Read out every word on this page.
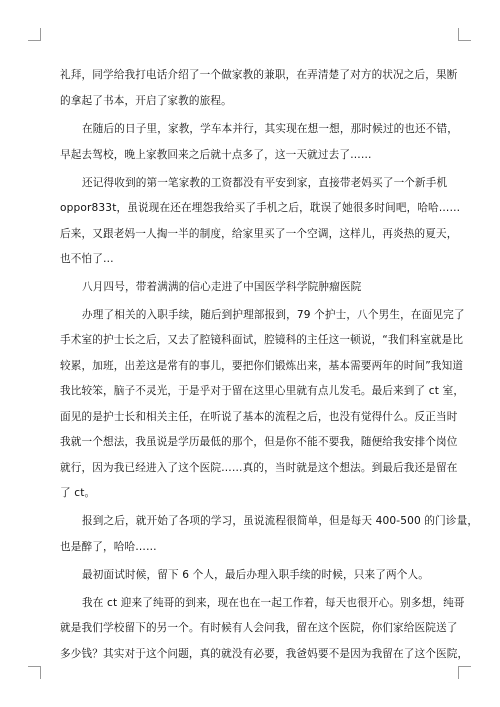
礼拜，同学给我打电话介绍了一个做家教的兼职，在弄清楚了对方的状况之后，果断
的拿起了书本，开启了家教的旅程。
在随后的日子里，家教，学车本并行，其实现在想一想，那时候过的也还不错，
早起去驾校，晚上家教回来之后就十点多了，这一天就过去了……
还记得收到的第一笔家教的工资都没有平安到家，直接带老妈买了一个新手机
oppor833t，虽说现在还在埋怨我给买了手机之后，耽误了她很多时间吧，哈哈……
后来，又跟老妈一人掏一半的制度，给家里买了一个空调，这样儿，再炎热的夏天，
也不怕了…
八月四号，带着满满的信心走进了中国医学科学院肿瘤医院
办理了相关的入职手续，随后到护理部报到，79 个护士，八个男生，在面见完了
手术室的护士长之后，又去了腔镜科面试，腔镜科的主任这一顿说，“我们科室就是比
较累，加班，出差这是常有的事儿，要把你们锻炼出来，基本需要两年的时间”我知道
我比较笨，脑子不灵光，于是乎对于留在这里心里就有点儿发毛。最后来到了 ct 室，
面见的是护士长和相关主任，在听说了基本的流程之后，也没有觉得什么。反正当时
我就一个想法，我虽说是学历最低的那个，但是你不能不要我，随便给我安排个岗位
就行，因为我已经进入了这个医院……真的，当时就是这个想法。到最后我还是留在
了 ct。
报到之后，就开始了各项的学习，虽说流程很简单，但是每天 400-500 的门诊量，
也是醉了，哈哈……
最初面试时候，留下 6 个人，最后办理入职手续的时候，只来了两个人。
我在 ct 迎来了纯哥的到来，现在也在一起工作着，每天也很开心。别多想，纯哥
就是我们学校留下的另一个。有时候有人会问我，留在这个医院，你们家给医院送了
多少钱？其实对于这个问题，真的就没有必要，我爸妈要不是因为我留在了这个医院，
